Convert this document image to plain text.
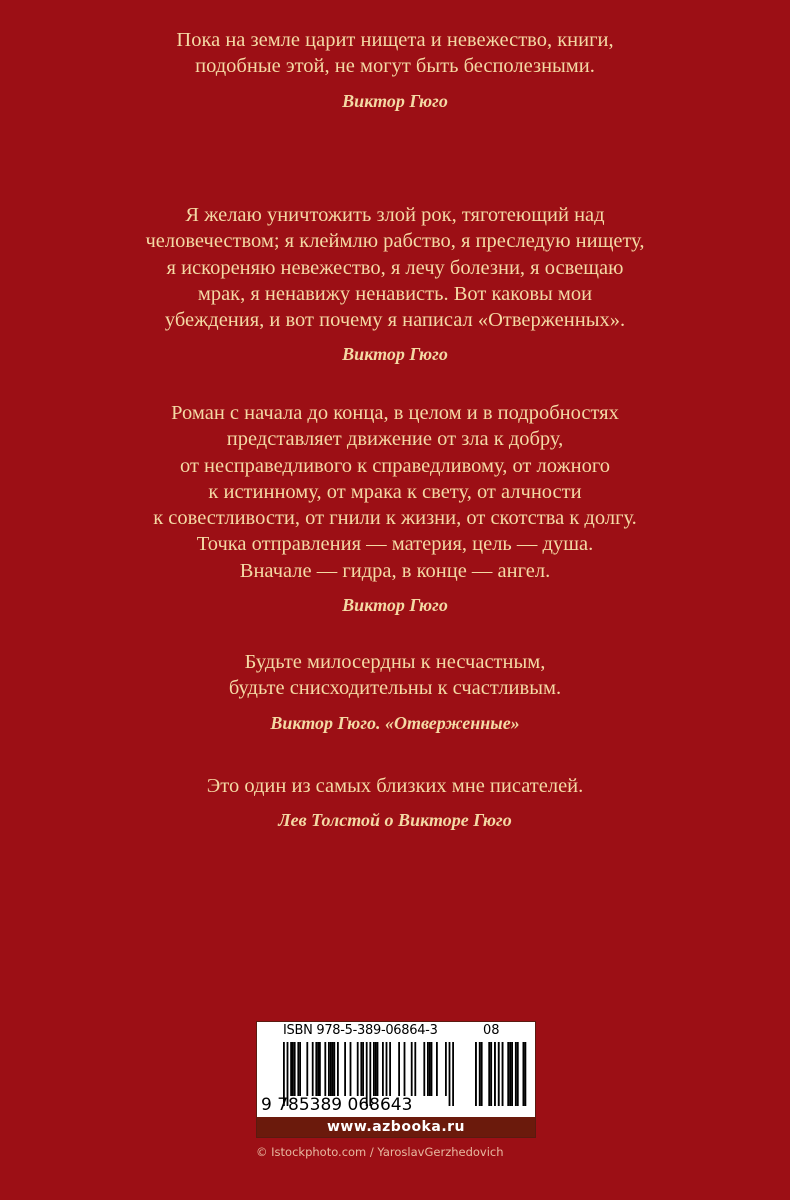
Пока на земле царит нищета и невежество, книги,
подобные этой, не могут быть бесполезными.
Виктор Гюго
Я желаю уничтожить злой рок, тяготеющий над
человечеством; я клеймлю рабство, я преследую нищету,
я искореняю невежество, я лечу болезни, я освещаю
мрак, я ненавижу ненависть. Вот каковы мои
убеждения, и вот почему я написал «Отверженных».
Виктор Гюго
Роман с начала до конца, в целом и в подробностях
представляет движение от зла к добру,
от несправедливого к справедливому, от ложного
к истинному, от мрака к свету, от алчности
к совестливости, от гнили к жизни, от скотства к долгу.
Точка отправления — материя, цель — душа.
Вначале — гидра, в конце — ангел.
Виктор Гюго
Будьте милосердны к несчастным,
будьте снисходительны к счастливым.
Виктор Гюго. «Отверженные»
Это один из самых близких мне писателей.
Лев Толстой о Викторе Гюго
ISBN 978-5-389-06864-3	08
9 785389 068643
www.azbooka.ru
© Istockphoto.com / YaroslavGerzhedovich
